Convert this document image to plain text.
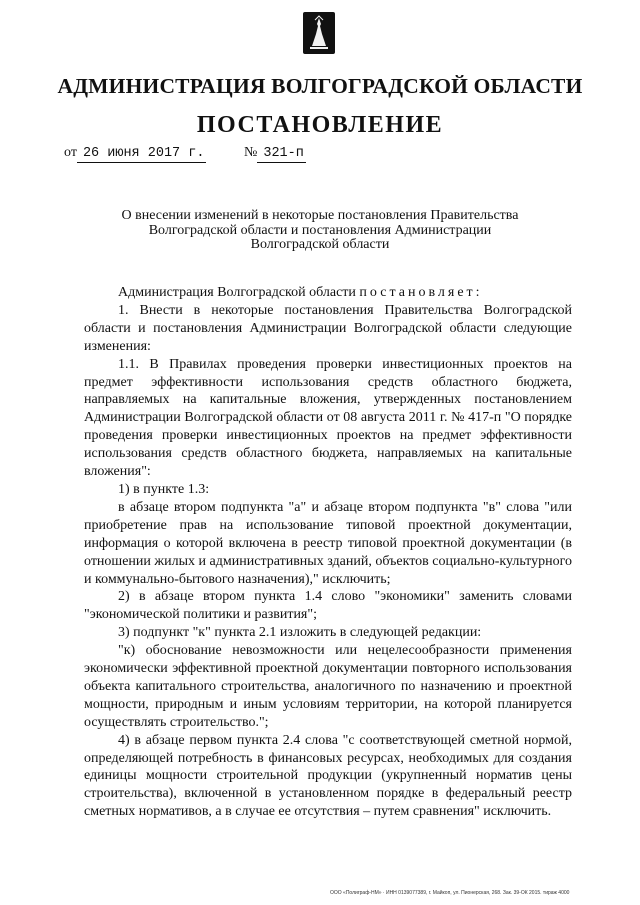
АДМИНИСТРАЦИЯ ВОЛГОГРАДСКОЙ ОБЛАСТИ
ПОСТАНОВЛЕНИЕ
от 26 июня 2017 г.	№ 321-п
О внесении изменений в некоторые постановления Правительства
Волгоградской области и постановления Администрации
Волгоградской области

Администрация Волгоградской области постановляет:

1. Внести в некоторые постановления Правительства Волгоградской области и постановления Администрации Волгоградской области следующие изменения:

1.1. В Правилах проведения проверки инвестиционных проектов на предмет эффективности использования средств областного бюджета, направляемых на капитальные вложения, утвержденных постановлением Администрации Волгоградской области от 08 августа 2011 г. № 417-п "О порядке проведения проверки инвестиционных проектов на предмет эффективности использования средств областного бюджета, направляемых на капитальные вложения":

1) в пункте 1.3:

в абзаце втором подпункта "а" и абзаце втором подпункта "в" слова "или приобретение прав на использование типовой проектной документации, информация о которой включена в реестр типовой проектной документации (в отношении жилых и административных зданий, объектов социально-культурного и коммунально-бытового назначения)," исключить;

2) в абзаце втором пункта 1.4 слово "экономики" заменить словами "экономической политики и развития";

3) подпункт "к" пункта 2.1 изложить в следующей редакции:

"к) обоснование невозможности или нецелесообразности применения экономически эффективной проектной документации повторного использования объекта капитального строительства, аналогичного по назначению и проектной мощности, природным и иным условиям территории, на которой планируется осуществлять строительство.";

4) в абзаце первом пункта 2.4 слова "с соответствующей сметной нормой, определяющей потребность в финансовых ресурсах, необходимых для создания единицы мощности строительной продукции (укрупненный норматив цены строительства), включенной в установленном порядке в федеральный реестр сметных нормативов, а в случае ее отсутствия – путем сравнения" исключить.

ООО «Полиграф-НМ» · ИНН 0139077389, г. Майкоп, ул. Пионерская, 268. Зак. 39-ОК 2015. тираж 4000
